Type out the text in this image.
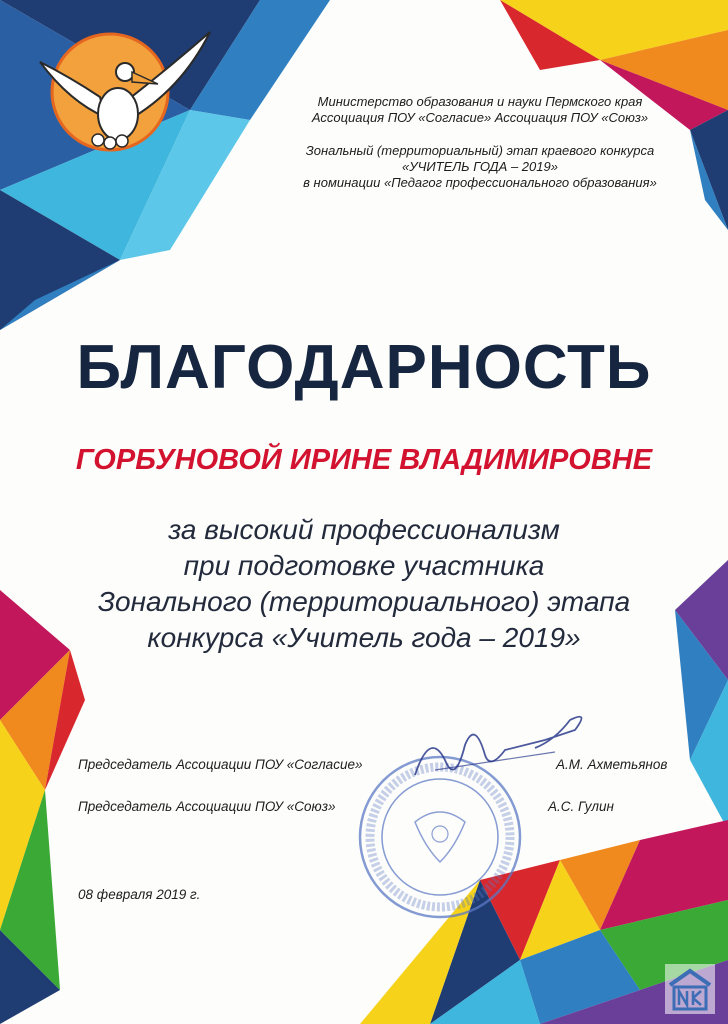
Министерство образования и науки Пермского края
Ассоциация ПОУ «Согласие» Ассоциация ПОУ «Союз»
Зональный (территориальный) этап краевого конкурса
«УЧИТЕЛЬ ГОДА – 2019»
в номинации «Педагог профессионального образования»
БЛАГОДАРНОСТЬ
ГОРБУНОВОЙ ИРИНЕ ВЛАДИМИРОВНЕ
за высокий профессионализм
при подготовке участника
Зонального (территориального) этапа
конкурса «Учитель года – 2019»
Председатель Ассоциации ПОУ «Согласие»	А.М. Ахметьянов
Председатель Ассоциации ПОУ «Союз»	А.С. Гулин
08 февраля 2019 г.
